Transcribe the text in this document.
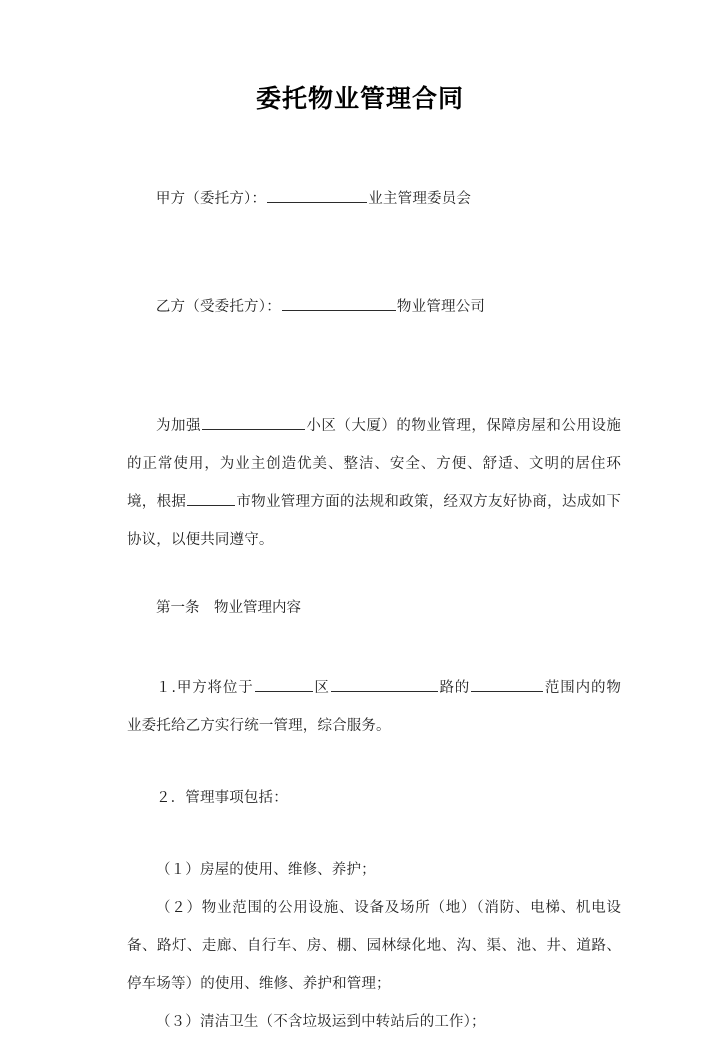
委托物业管理合同

甲方（委托方）：	业主管理委员会

乙方（受委托方）：	物业管理公司

为加强	小区（大厦）的物业管理，保障房屋和公用设施的正常使用，为业主创造优美、整洁、安全、方便、舒适、文明的居住环境，根据	市物业管理方面的法规和政策，经双方友好协商，达成如下协议，以便共同遵守。

第一条　物业管理内容

１.甲方将位于	区	路的	范围内的物业委托给乙方实行统一管理，综合服务。

２．管理事项包括：

（１）房屋的使用、维修、养护；

（２）物业范围的公用设施、设备及场所（地）（消防、电梯、机电设备、路灯、走廊、自行车、房、棚、园林绿化地、沟、渠、池、井、道路、停车场等）的使用、维修、养护和管理；

（３）清洁卫生（不含垃圾运到中转站后的工作）；
